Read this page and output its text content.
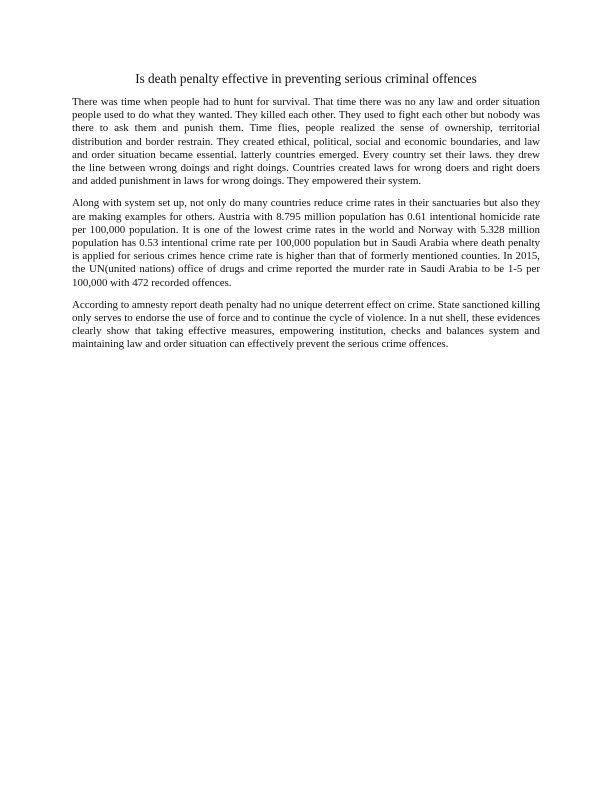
Is death penalty effective in preventing serious criminal offences

There was time when people had to hunt for survival. That time there was no any law and order situation people used to do what they wanted. They killed each other. They used to fight each other but nobody was there to ask them and punish them. Time flies, people realized the sense of ownership, territorial distribution and border restrain. They created ethical, political, social and economic boundaries, and law and order situation became essential. latterly countries emerged. Every country set their laws. they drew the line between wrong doings and right doings. Countries created laws for wrong doers and right doers and added punishment in laws for wrong doings. They empowered their system.

Along with system set up, not only do many countries reduce crime rates in their sanctuaries but also they are making examples for others. Austria with 8.795 million population has 0.61 intentional homicide rate per 100,000 population. It is one of the lowest crime rates in the world and Norway with 5.328 million population has 0.53 intentional crime rate per 100,000 population but in Saudi Arabia where death penalty is applied for serious crimes hence crime rate is higher than that of formerly mentioned counties. In 2015, the UN(united nations) office of drugs and crime reported the murder rate in Saudi Arabia to be 1-5 per 100,000 with 472 recorded offences.

According to amnesty report death penalty had no unique deterrent effect on crime. State sanctioned killing only serves to endorse the use of force and to continue the cycle of violence. In a nut shell, these evidences clearly show that taking effective measures, empowering institution, checks and balances system and maintaining law and order situation can effectively prevent the serious crime offences.
